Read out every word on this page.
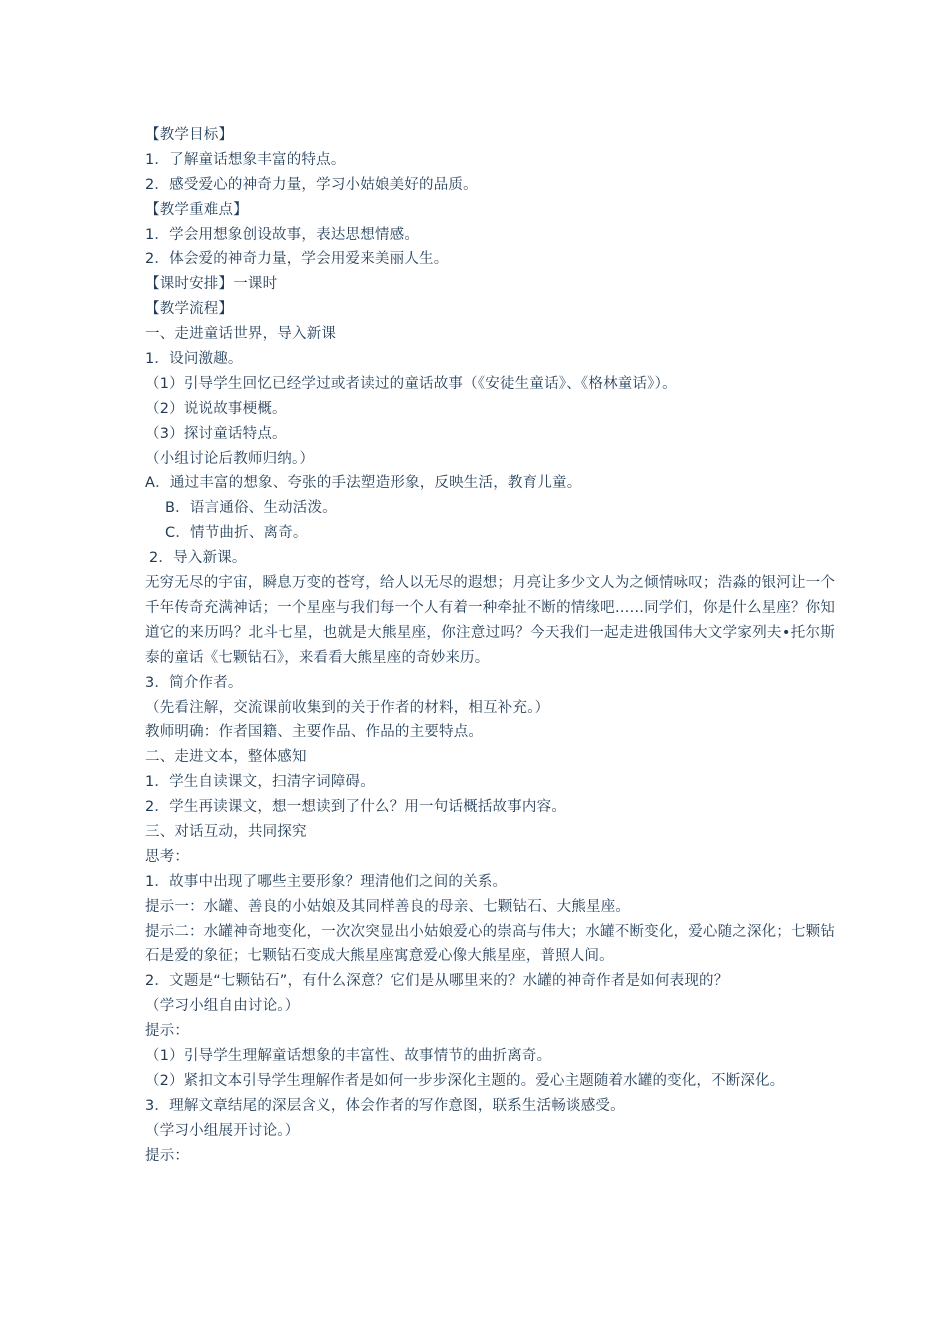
【教学目标】
1．了解童话想象丰富的特点。
2．感受爱心的神奇力量，学习小姑娘美好的品质。
【教学重难点】
1．学会用想象创设故事，表达思想情感。
2．体会爱的神奇力量，学会用爱来美丽人生。
【课时安排】一课时
【教学流程】
一、走进童话世界，导入新课
1．设问激趣。
（1）引导学生回忆已经学过或者读过的童话故事（《安徒生童话》、《格林童话》）。
（2）说说故事梗概。
（3）探讨童话特点。
（小组讨论后教师归纳。）
A．通过丰富的想象、夸张的手法塑造形象，反映生活，教育儿童。
B．语言通俗、生动活泼。
C．情节曲折、离奇。
2．导入新课。
无穷无尽的宇宙，瞬息万变的苍穹，给人以无尽的遐想；月亮让多少文人为之倾情咏叹；浩淼的银河让一个千年传奇充满神话；一个星座与我们每一个人有着一种牵扯不断的情缘吧……同学们，你是什么星座？你知道它的来历吗？北斗七星，也就是大熊星座，你注意过吗？今天我们一起走进俄国伟大文学家列夫•托尔斯泰的童话《七颗钻石》，来看看大熊星座的奇妙来历。
3．简介作者。
（先看注解，交流课前收集到的关于作者的材料，相互补充。）
教师明确：作者国籍、主要作品、作品的主要特点。
二、走进文本，整体感知
1．学生自读课文，扫清字词障碍。
2．学生再读课文，想一想读到了什么？用一句话概括故事内容。
三、对话互动，共同探究
思考：
1．故事中出现了哪些主要形象？理清他们之间的关系。
提示一：水罐、善良的小姑娘及其同样善良的母亲、七颗钻石、大熊星座。
提示二：水罐神奇地变化，一次次突显出小姑娘爱心的崇高与伟大；水罐不断变化，爱心随之深化；七颗钻石是爱的象征；七颗钻石变成大熊星座寓意爱心像大熊星座，普照人间。
2．文题是“七颗钻石”，有什么深意？它们是从哪里来的？水罐的神奇作者是如何表现的？
（学习小组自由讨论。）
提示：
（1）引导学生理解童话想象的丰富性、故事情节的曲折离奇。
（2）紧扣文本引导学生理解作者是如何一步步深化主题的。爱心主题随着水罐的变化，不断深化。
3．理解文章结尾的深层含义，体会作者的写作意图，联系生活畅谈感受。
（学习小组展开讨论。）
提示：
